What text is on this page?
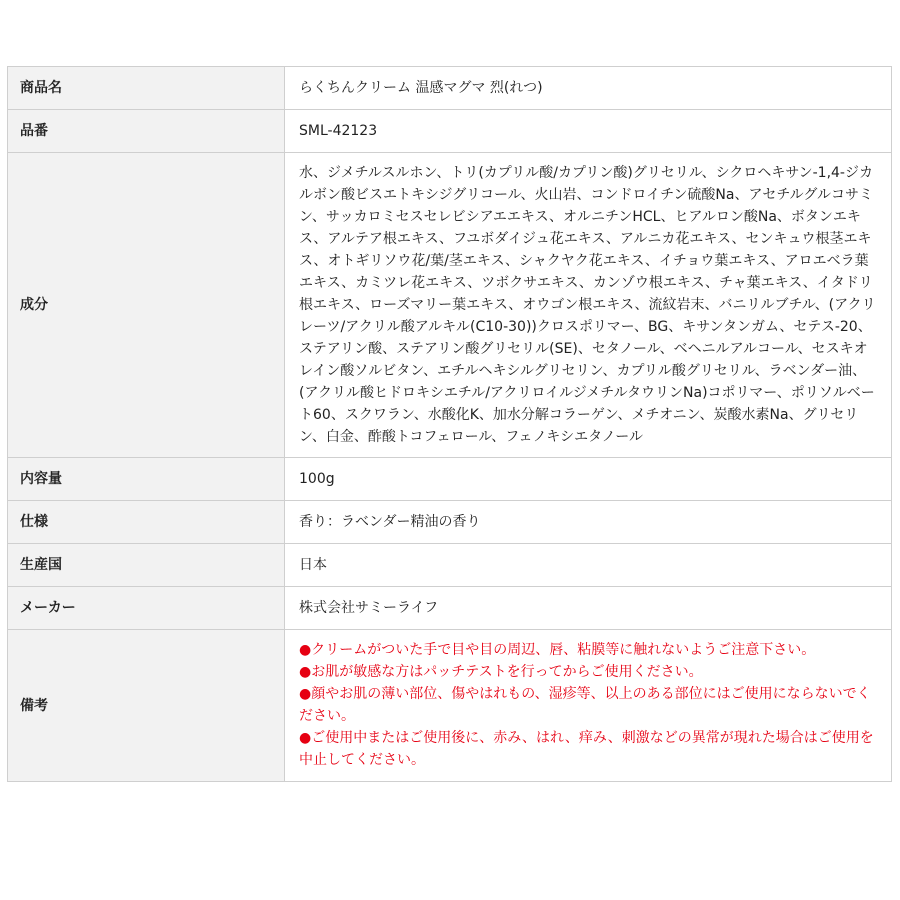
商品名	らくちんクリーム 温感マグマ 烈(れつ)
品番	SML-42123
成分	水、ジメチルスルホン、トリ(カプリル酸/カプリン酸)グリセリル、シクロヘキサン-1,4-ジカルボン酸ビスエトキシジグリコール、火山岩、コンドロイチン硫酸Na、アセチルグルコサミン、サッカロミセスセレビシアエエキス、オルニチンHCL、ヒアルロン酸Na、ボタンエキス、アルテア根エキス、フユボダイジュ花エキス、アルニカ花エキス、センキュウ根茎エキス、オトギリソウ花/葉/茎エキス、シャクヤク花エキス、イチョウ葉エキス、アロエベラ葉エキス、カミツレ花エキス、ツボクサエキス、カンゾウ根エキス、チャ葉エキス、イタドリ根エキス、ローズマリー葉エキス、オウゴン根エキス、流紋岩末、バニリルブチル、(アクリレーツ/アクリル酸アルキル(C10-30))クロスポリマー、BG、キサンタンガム、セテス-20、ステアリン酸、ステアリン酸グリセリル(SE)、セタノール、ベヘニルアルコール、セスキオレイン酸ソルビタン、エチルヘキシルグリセリン、カプリル酸グリセリル、ラベンダー油、(アクリル酸ヒドロキシエチル/アクリロイルジメチルタウリンNa)コポリマー、ポリソルベート60、スクワラン、水酸化K、加水分解コラーゲン、メチオニン、炭酸水素Na、グリセリン、白金、酢酸トコフェロール、フェノキシエタノール
内容量	100g
仕様	香り：ラベンダー精油の香り
生産国	日本
メーカー	株式会社サミーライフ
備考	●クリームがついた手で目や目の周辺、唇、粘膜等に触れないようご注意下さい。
●お肌が敏感な方はパッチテストを行ってからご使用ください。
●顔やお肌の薄い部位、傷やはれもの、湿疹等、以上のある部位にはご使用にならないでください。
●ご使用中またはご使用後に、赤み、はれ、痒み、刺激などの異常が現れた場合はご使用を中止してください。
